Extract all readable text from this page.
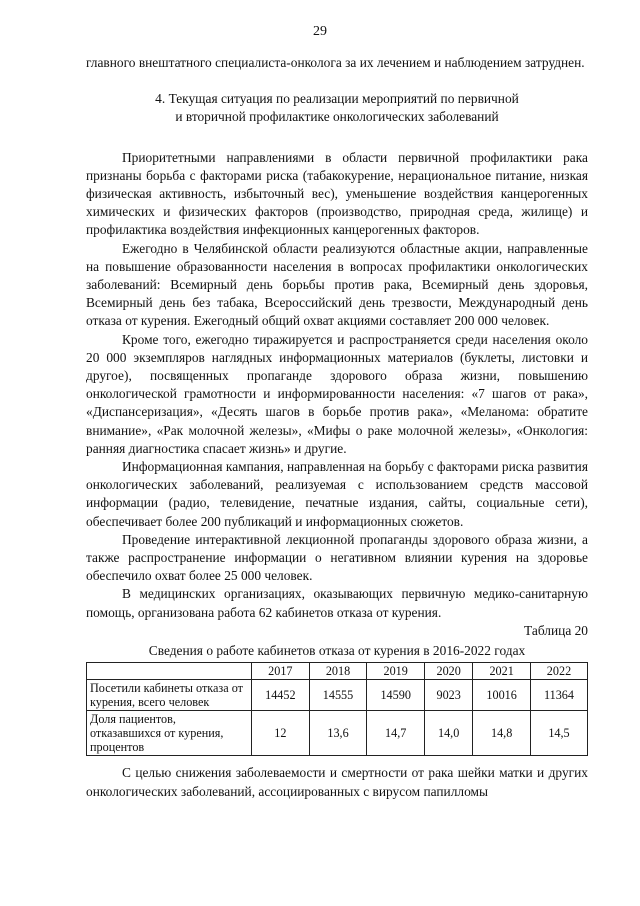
29

главного внештатного специалиста-онколога за их лечением и наблюдением затруднен.

4. Текущая ситуация по реализации мероприятий по первичной
и вторичной профилактике онкологических заболеваний

Приоритетными направлениями в области первичной профилактики рака признаны борьба с факторами риска (табакокурение, нерациональное питание, низкая физическая активность, избыточный вес), уменьшение воздействия канцерогенных химических и физических факторов (производство, природная среда, жилище) и профилактика воздействия инфекционных канцерогенных факторов.

Ежегодно в Челябинской области реализуются областные акции, направленные на повышение образованности населения в вопросах профилактики онкологических заболеваний: Всемирный день борьбы против рака, Всемирный день здоровья, Всемирный день без табака, Всероссийский день трезвости, Международный день отказа от курения. Ежегодный общий охват акциями составляет 200 000 человек.

Кроме того, ежегодно тиражируется и распространяется среди населения около 20 000 экземпляров наглядных информационных материалов (буклеты, листовки и другое), посвященных пропаганде здорового образа жизни, повышению онкологической грамотности и информированности населения: «7 шагов от рака», «Диспансеризация», «Десять шагов в борьбе против рака», «Меланома: обратите внимание», «Рак молочной железы», «Мифы о раке молочной железы», «Онкология: ранняя диагностика спасает жизнь» и другие.

Информационная кампания, направленная на борьбу с факторами риска развития онкологических заболеваний, реализуемая с использованием средств массовой информации (радио, телевидение, печатные издания, сайты, социальные сети), обеспечивает более 200 публикаций и информационных сюжетов.

Проведение интерактивной лекционной пропаганды здорового образа жизни, а также распространение информации о негативном влиянии курения на здоровье обеспечило охват более 25 000 человек.

В медицинских организациях, оказывающих первичную медико-санитарную помощь, организована работа 62 кабинетов отказа от курения.

Таблица 20
Сведения о работе кабинетов отказа от курения в 2016-2022 годах
	2017	2018	2019	2020	2021	2022
Посетили кабинеты отказа от курения, всего человек	14452	14555	14590	9023	10016	11364
Доля пациентов, отказавшихся от курения, процентов	12	13,6	14,7	14,0	14,8	14,5

С целью снижения заболеваемости и смертности от рака шейки матки и других онкологических заболеваний, ассоциированных с вирусом папилломы
